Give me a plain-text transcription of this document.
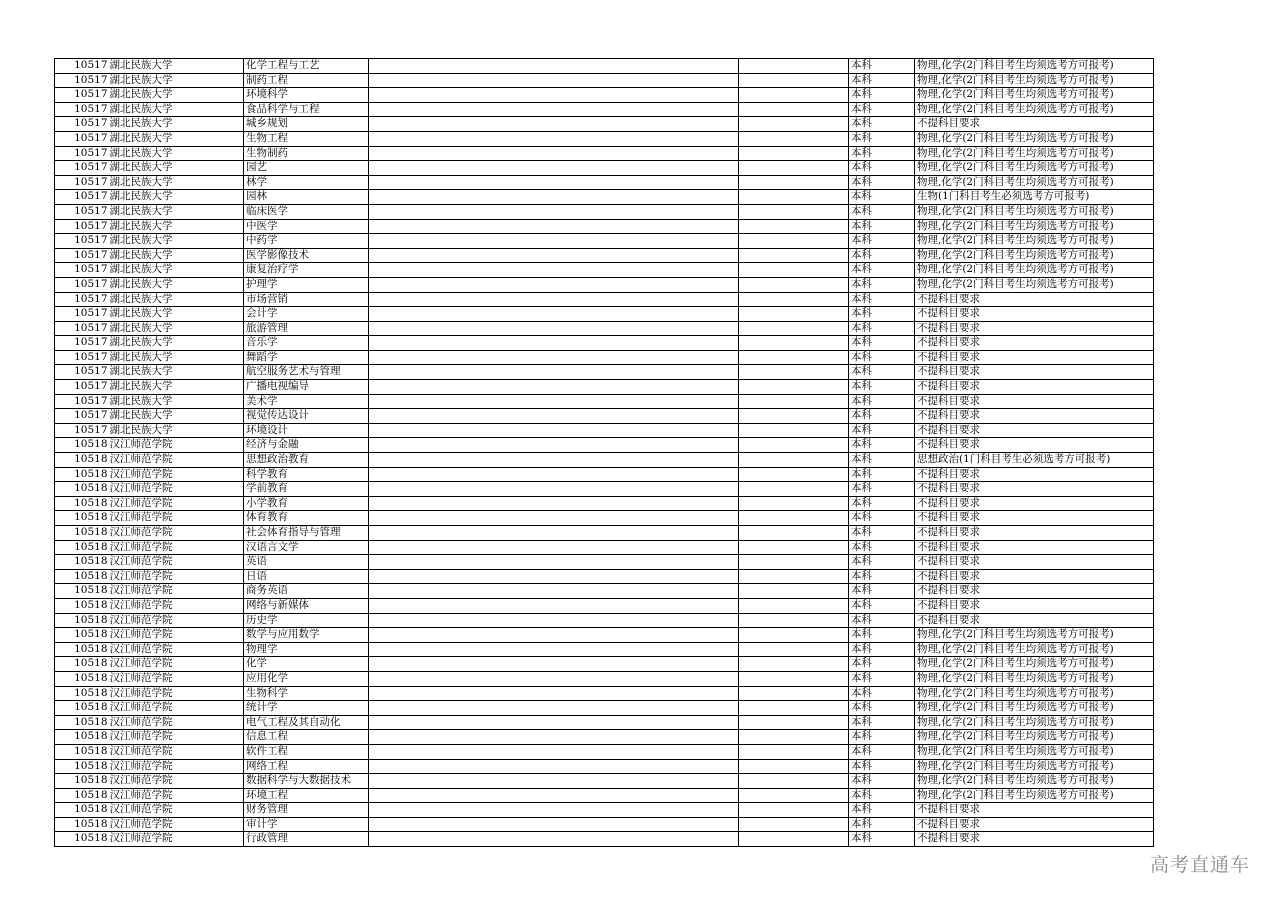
10517	湖北民族大学	化学工程与工艺			本科	物理,化学(2门科目考生均须选考方可报考)
10517	湖北民族大学	制药工程			本科	物理,化学(2门科目考生均须选考方可报考)
10517	湖北民族大学	环境科学			本科	物理,化学(2门科目考生均须选考方可报考)
10517	湖北民族大学	食品科学与工程			本科	物理,化学(2门科目考生均须选考方可报考)
10517	湖北民族大学	城乡规划			本科	不提科目要求
10517	湖北民族大学	生物工程			本科	物理,化学(2门科目考生均须选考方可报考)
10517	湖北民族大学	生物制药			本科	物理,化学(2门科目考生均须选考方可报考)
10517	湖北民族大学	园艺			本科	物理,化学(2门科目考生均须选考方可报考)
10517	湖北民族大学	林学			本科	物理,化学(2门科目考生均须选考方可报考)
10517	湖北民族大学	园林			本科	生物(1门科目考生必须选考方可报考)
10517	湖北民族大学	临床医学			本科	物理,化学(2门科目考生均须选考方可报考)
10517	湖北民族大学	中医学			本科	物理,化学(2门科目考生均须选考方可报考)
10517	湖北民族大学	中药学			本科	物理,化学(2门科目考生均须选考方可报考)
10517	湖北民族大学	医学影像技术			本科	物理,化学(2门科目考生均须选考方可报考)
10517	湖北民族大学	康复治疗学			本科	物理,化学(2门科目考生均须选考方可报考)
10517	湖北民族大学	护理学			本科	物理,化学(2门科目考生均须选考方可报考)
10517	湖北民族大学	市场营销			本科	不提科目要求
10517	湖北民族大学	会计学			本科	不提科目要求
10517	湖北民族大学	旅游管理			本科	不提科目要求
10517	湖北民族大学	音乐学			本科	不提科目要求
10517	湖北民族大学	舞蹈学			本科	不提科目要求
10517	湖北民族大学	航空服务艺术与管理			本科	不提科目要求
10517	湖北民族大学	广播电视编导			本科	不提科目要求
10517	湖北民族大学	美术学			本科	不提科目要求
10517	湖北民族大学	视觉传达设计			本科	不提科目要求
10517	湖北民族大学	环境设计			本科	不提科目要求
10518	汉江师范学院	经济与金融			本科	不提科目要求
10518	汉江师范学院	思想政治教育			本科	思想政治(1门科目考生必须选考方可报考)
10518	汉江师范学院	科学教育			本科	不提科目要求
10518	汉江师范学院	学前教育			本科	不提科目要求
10518	汉江师范学院	小学教育			本科	不提科目要求
10518	汉江师范学院	体育教育			本科	不提科目要求
10518	汉江师范学院	社会体育指导与管理			本科	不提科目要求
10518	汉江师范学院	汉语言文学			本科	不提科目要求
10518	汉江师范学院	英语			本科	不提科目要求
10518	汉江师范学院	日语			本科	不提科目要求
10518	汉江师范学院	商务英语			本科	不提科目要求
10518	汉江师范学院	网络与新媒体			本科	不提科目要求
10518	汉江师范学院	历史学			本科	不提科目要求
10518	汉江师范学院	数学与应用数学			本科	物理,化学(2门科目考生均须选考方可报考)
10518	汉江师范学院	物理学			本科	物理,化学(2门科目考生均须选考方可报考)
10518	汉江师范学院	化学			本科	物理,化学(2门科目考生均须选考方可报考)
10518	汉江师范学院	应用化学			本科	物理,化学(2门科目考生均须选考方可报考)
10518	汉江师范学院	生物科学			本科	物理,化学(2门科目考生均须选考方可报考)
10518	汉江师范学院	统计学			本科	物理,化学(2门科目考生均须选考方可报考)
10518	汉江师范学院	电气工程及其自动化			本科	物理,化学(2门科目考生均须选考方可报考)
10518	汉江师范学院	信息工程			本科	物理,化学(2门科目考生均须选考方可报考)
10518	汉江师范学院	软件工程			本科	物理,化学(2门科目考生均须选考方可报考)
10518	汉江师范学院	网络工程			本科	物理,化学(2门科目考生均须选考方可报考)
10518	汉江师范学院	数据科学与大数据技术			本科	物理,化学(2门科目考生均须选考方可报考)
10518	汉江师范学院	环境工程			本科	物理,化学(2门科目考生均须选考方可报考)
10518	汉江师范学院	财务管理			本科	不提科目要求
10518	汉江师范学院	审计学			本科	不提科目要求
10518	汉江师范学院	行政管理			本科	不提科目要求
高考直通车
